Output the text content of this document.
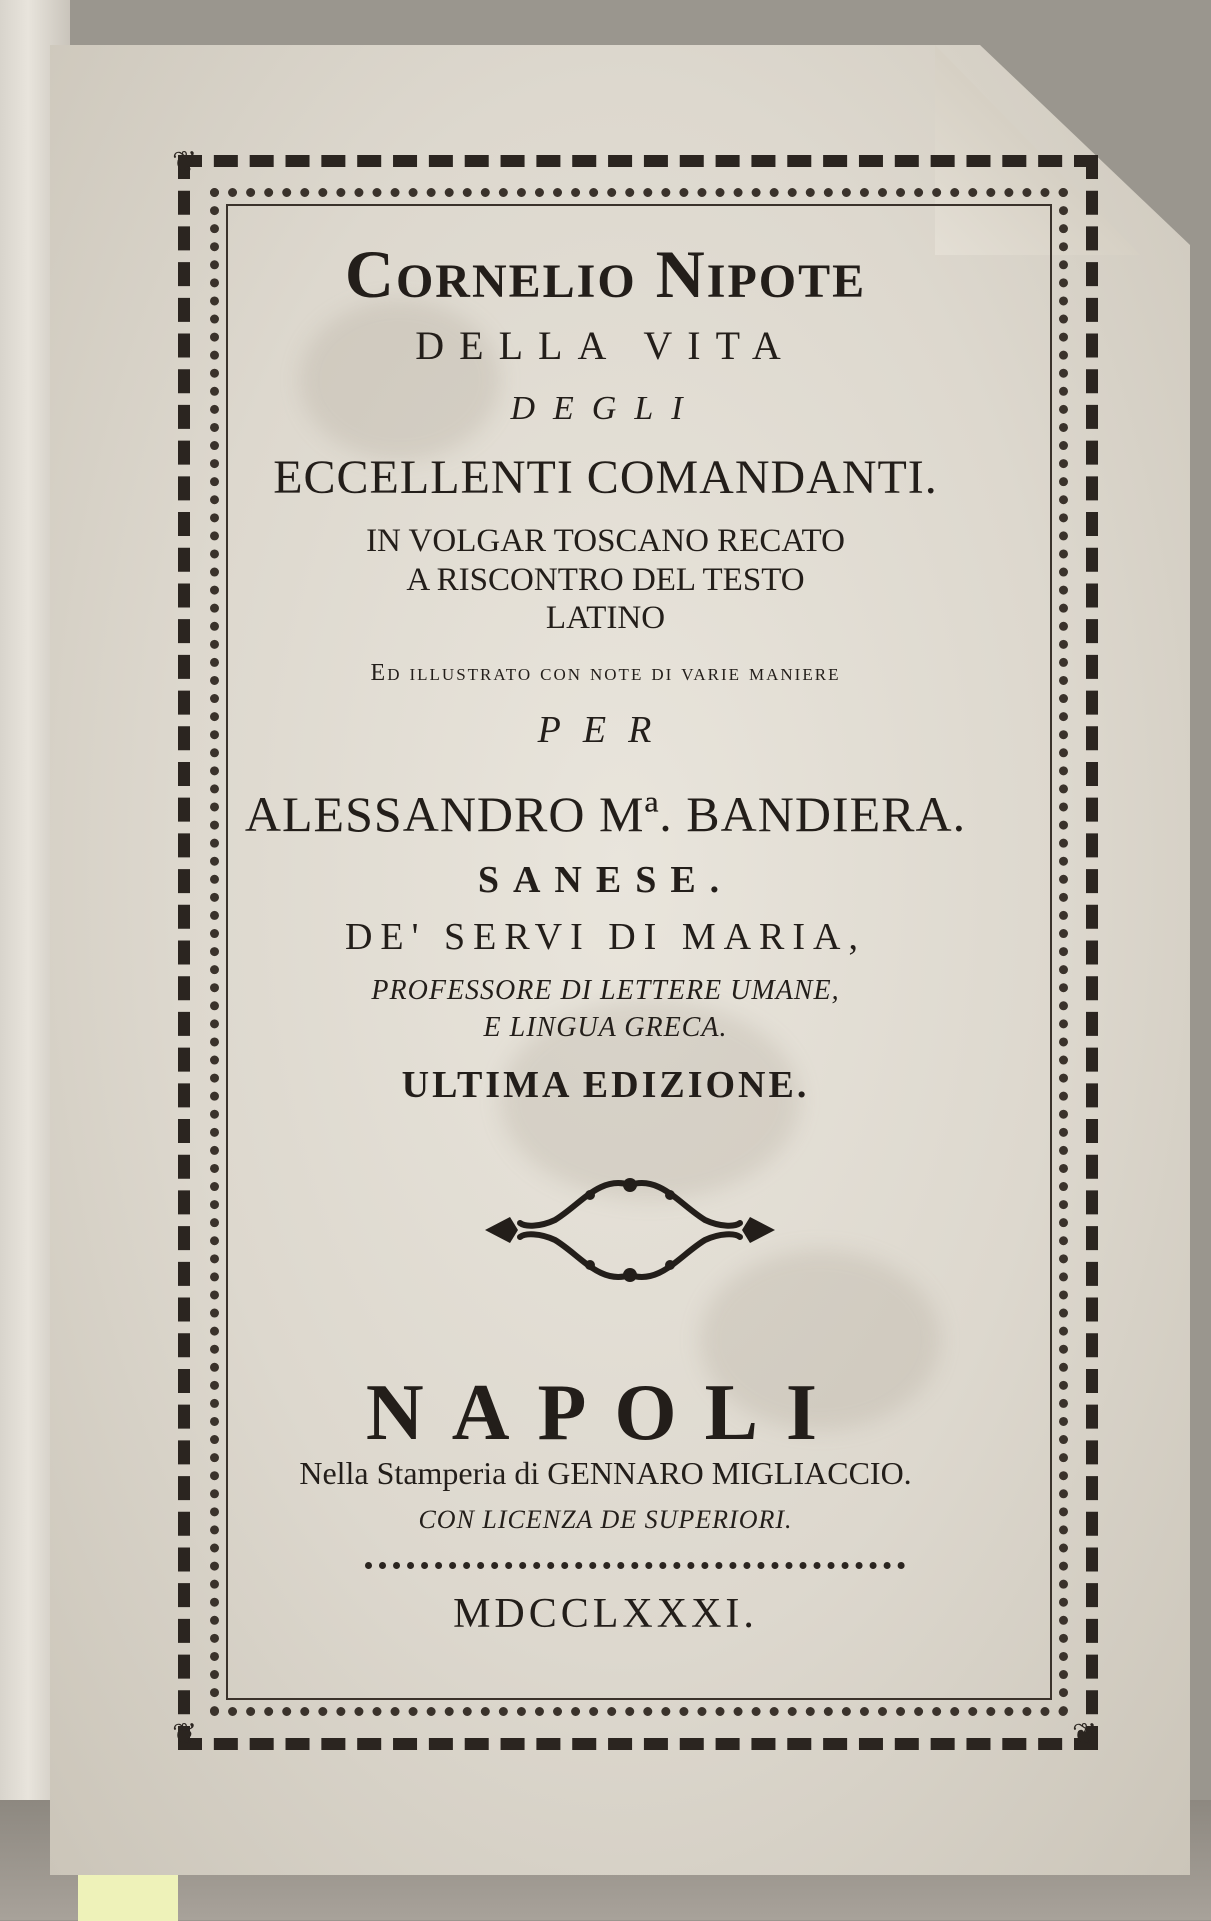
❦
❦
❦
Cornelio Nipote
DELLA VITA
DEGLI
ECCELLENTI COMANDANTI.
IN VOLGAR TOSCANO RECATO
A RISCONTRO DEL TESTO
LATINO
Ed illustrato con note di varie maniere
PER
ALESSANDRO Mª. BANDIERA.
SANESE.
DE' SERVI DI MARIA,
PROFESSORE DI LETTERE UMANE,
E LINGUA GRECA.
ULTIMA EDIZIONE.
NAPOLI
Nella Stamperia di GENNARO MIGLIACCIO.
CON LICENZA DE SUPERIORI.
MDCCLXXXI.
